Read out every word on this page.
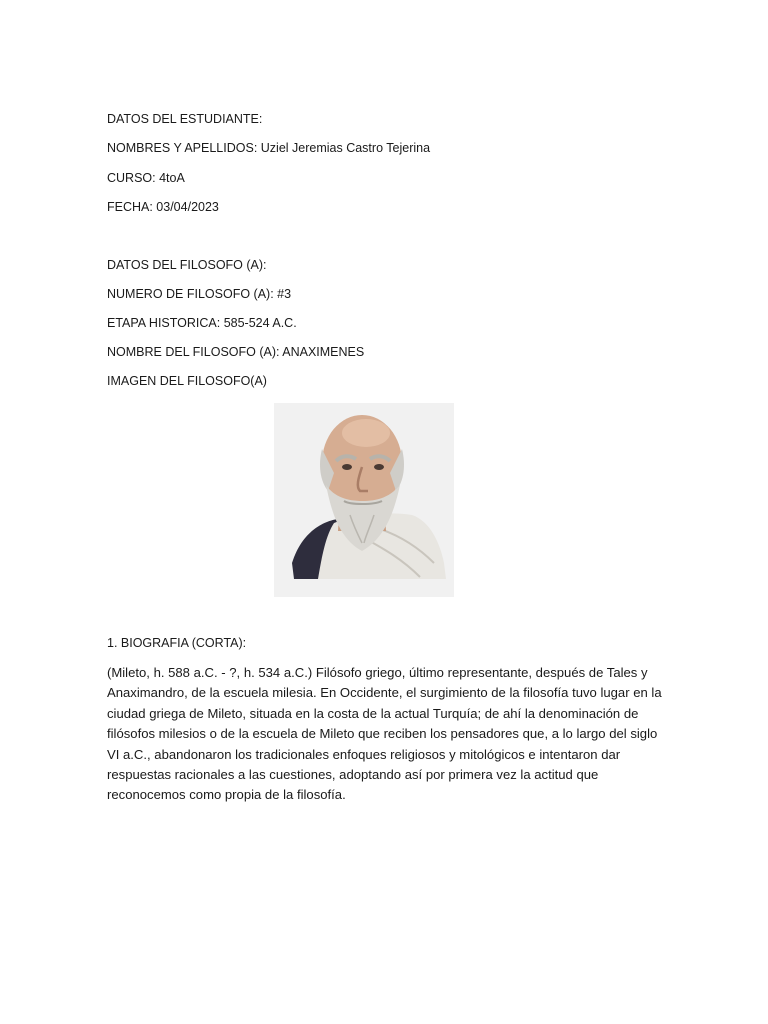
DATOS DEL ESTUDIANTE:
NOMBRES Y APELLIDOS: Uziel Jeremias Castro Tejerina
CURSO: 4toA
FECHA: 03/04/2023
DATOS DEL FILOSOFO (A):
NUMERO DE FILOSOFO (A): #3
ETAPA HISTORICA: 585-524 A.C.
NOMBRE DEL FILOSOFO (A): ANAXIMENES
IMAGEN DEL FILOSOFO(A)
1. BIOGRAFIA (CORTA):
(Mileto, h. 588 a.C. - ?, h. 534 a.C.) Filósofo griego, último representante, después de Tales y Anaximandro, de la escuela milesia. En Occidente, el surgimiento de la filosofía tuvo lugar en la ciudad griega de Mileto, situada en la costa de la actual Turquía; de ahí la denominación de filósofos milesios o de la escuela de Mileto que reciben los pensadores que, a lo largo del siglo VI a.C., abandonaron los tradicionales enfoques religiosos y mitológicos e intentaron dar respuestas racionales a las cuestiones, adoptando así por primera vez la actitud que reconocemos como propia de la filosofía.
